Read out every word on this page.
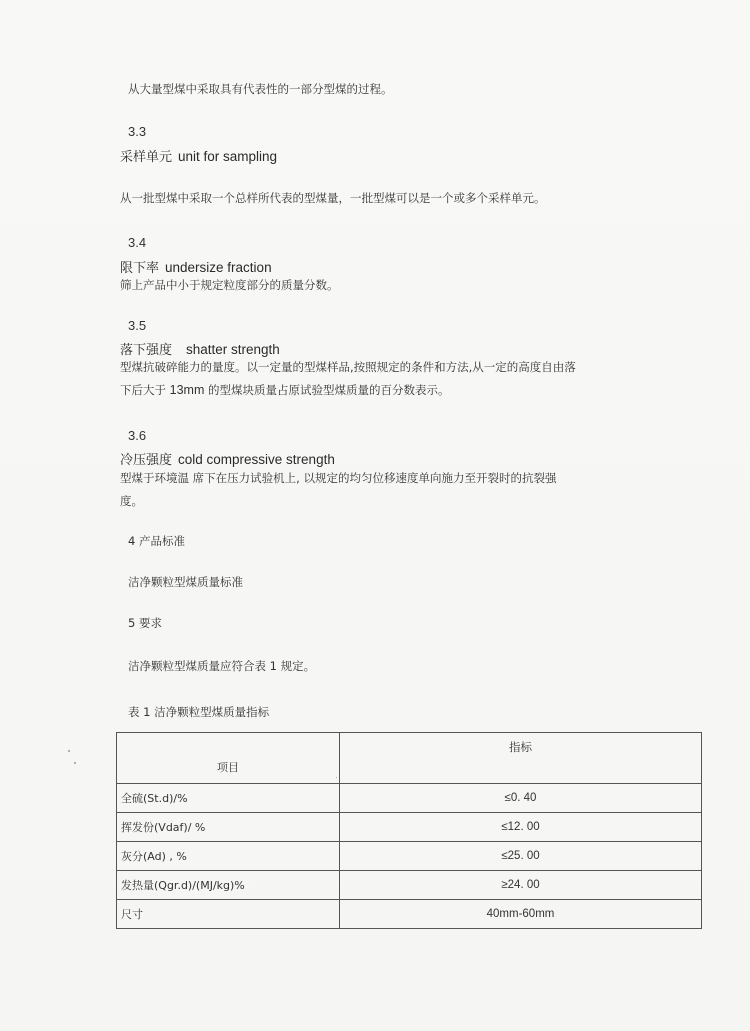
从大量型煤中采取具有代表性的一部分型煤的过程。
3.3
采样单元 unit for sampling
从一批型煤中采取一个总样所代表的型煤量，一批型煤可以是一个或多个采样单元。
3.4
限下率 undersize fraction
筛上产品中小于规定粒度部分的质量分数。
3.5
落下强度 shatter strength
型煤抗破碎能力的量度。以一定量的型煤样品,按照规定的条件和方法,从一定的高度自由落
下后大于 13mm 的型煤块质量占原试验型煤质量的百分数表示。
3.6
冷压强度 cold compressive strength
型煤于环境温 席下在压力试验机上, 以规定的均匀位移速度单向施力至开裂时的抗裂强
度。
4 产品标准
洁净颗粒型煤质量标准
5 要求
洁净颗粒型煤质量应符合表 1 规定。
表 1 洁净颗粒型煤质量指标
项目	指标
全硫(St.d)/%	≤0. 40
挥发份(Vdaf)/ %	≤12. 00
灰分(Ad) , %	≤25. 00
发热量(Qgr.d)/(MJ/kg)%	≥24. 00
尺寸	40mm-60mm
